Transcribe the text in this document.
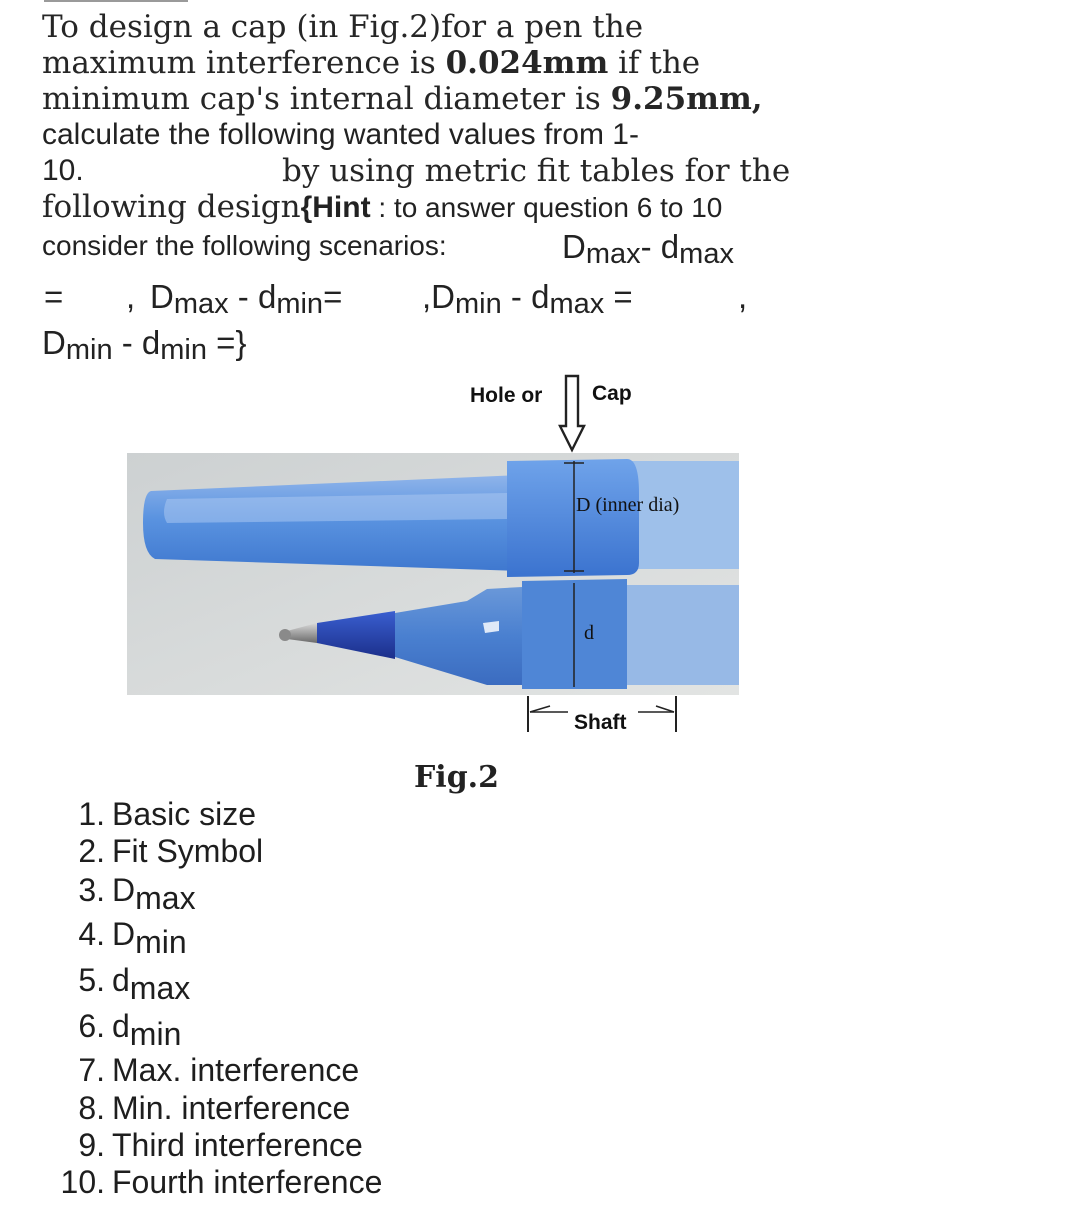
To design a cap (in Fig.2)for a pen the
maximum interference is 0.024mm if the
minimum cap's internal diameter is 9.25mm,
calculate the following wanted values from 1-
10.	by using metric fit tables for the
following design{Hint : to answer question 6 to 10
consider the following scenarios:	Dmax- dmax
= , Dmax - dmin= ,Dmin - dmax =	,
Dmin - dmin =}
Hole or Cap
D (inner dia)
d
Shaft
Fig.2
1. Basic size
2. Fit Symbol
3. Dmax
4. Dmin
5. dmax
6. dmin
7. Max. interference
8. Min. interference
9. Third interference
10. Fourth interference
